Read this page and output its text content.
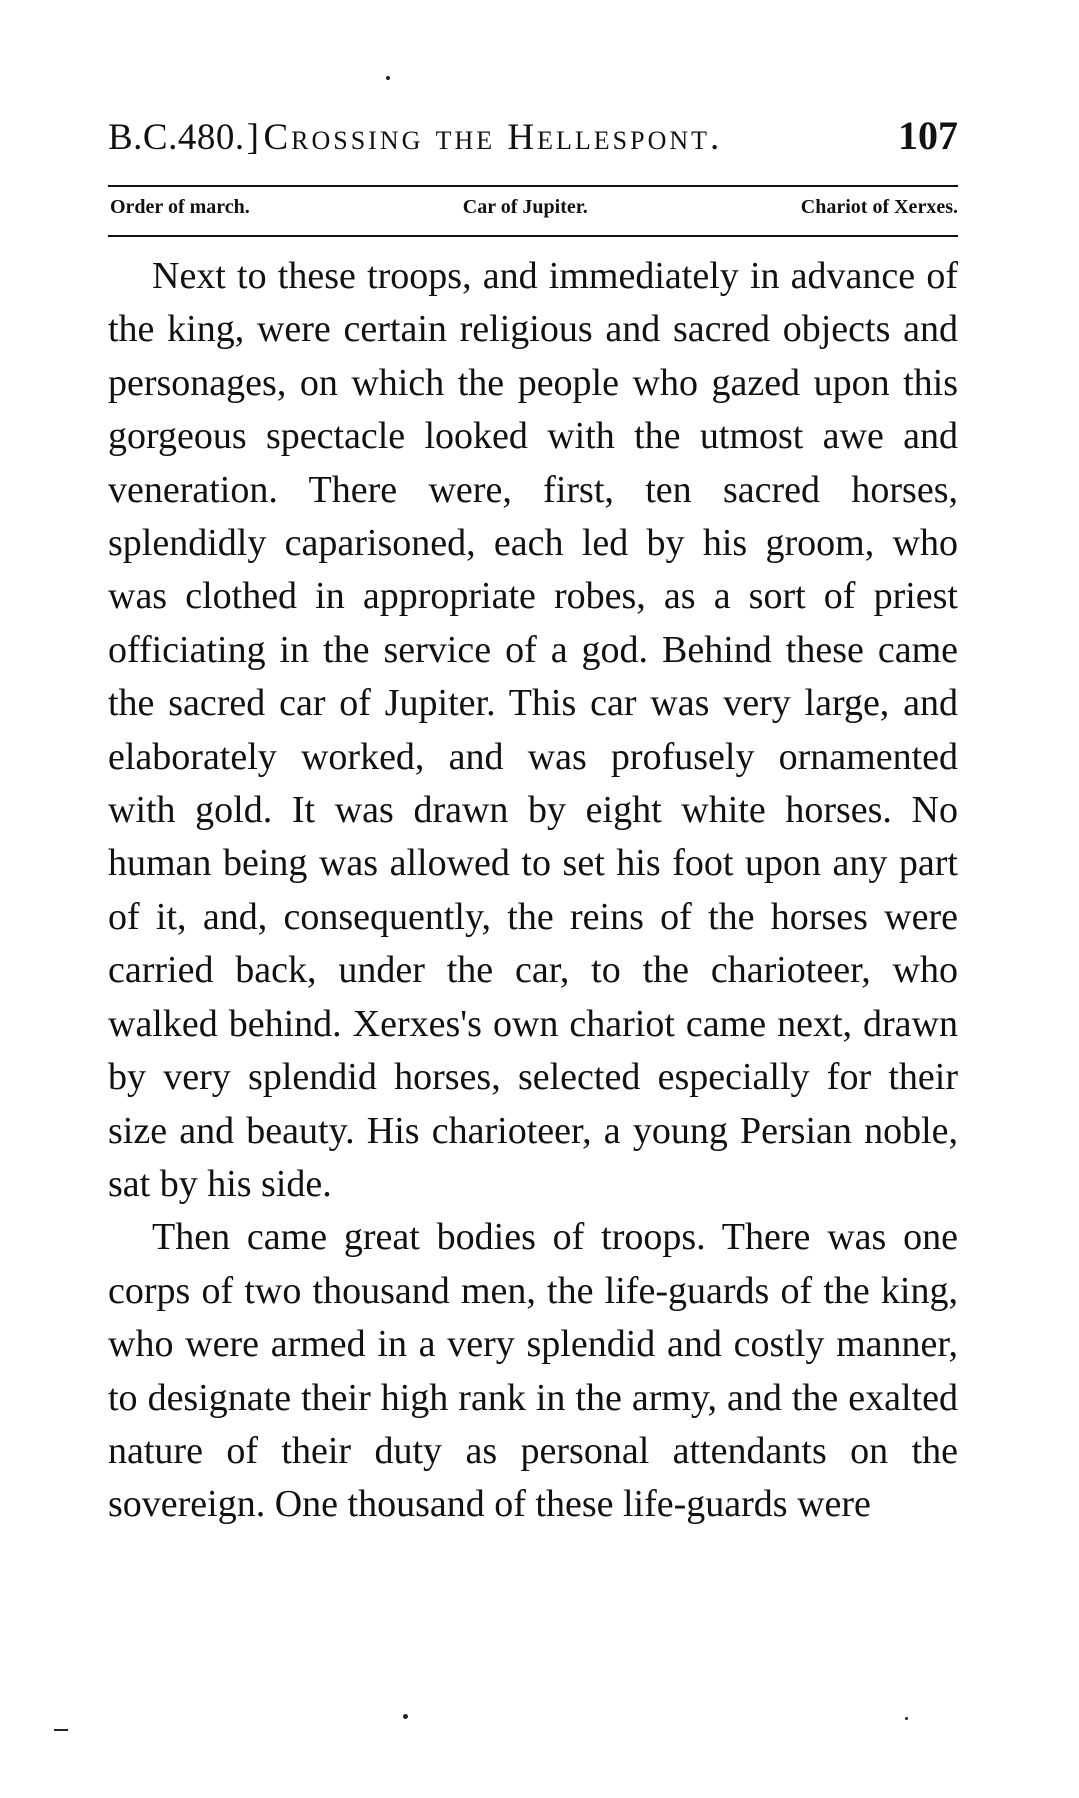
B.C.480.] Crossing the Hellespont.	107
Order of march.	Car of Jupiter.	Chariot of Xerxes.

Next to these troops, and immediately in advance of the king, were certain religious and sacred objects and personages, on which the people who gazed upon this gorgeous spectacle looked with the utmost awe and veneration. There were, first, ten sacred horses, splendidly caparisoned, each led by his groom, who was clothed in appropriate robes, as a sort of priest officiating in the service of a god. Behind these came the sacred car of Jupiter. This car was very large, and elaborately worked, and was profusely ornamented with gold. It was drawn by eight white horses. No human being was allowed to set his foot upon any part of it, and, consequently, the reins of the horses were carried back, under the car, to the charioteer, who walked behind. Xerxes's own chariot came next, drawn by very splendid horses, selected especially for their size and beauty. His charioteer, a young Persian noble, sat by his side.

Then came great bodies of troops. There was one corps of two thousand men, the life-guards of the king, who were armed in a very splendid and costly manner, to designate their high rank in the army, and the exalted nature of their duty as personal attendants on the sovereign. One thousand of these life-guards were
